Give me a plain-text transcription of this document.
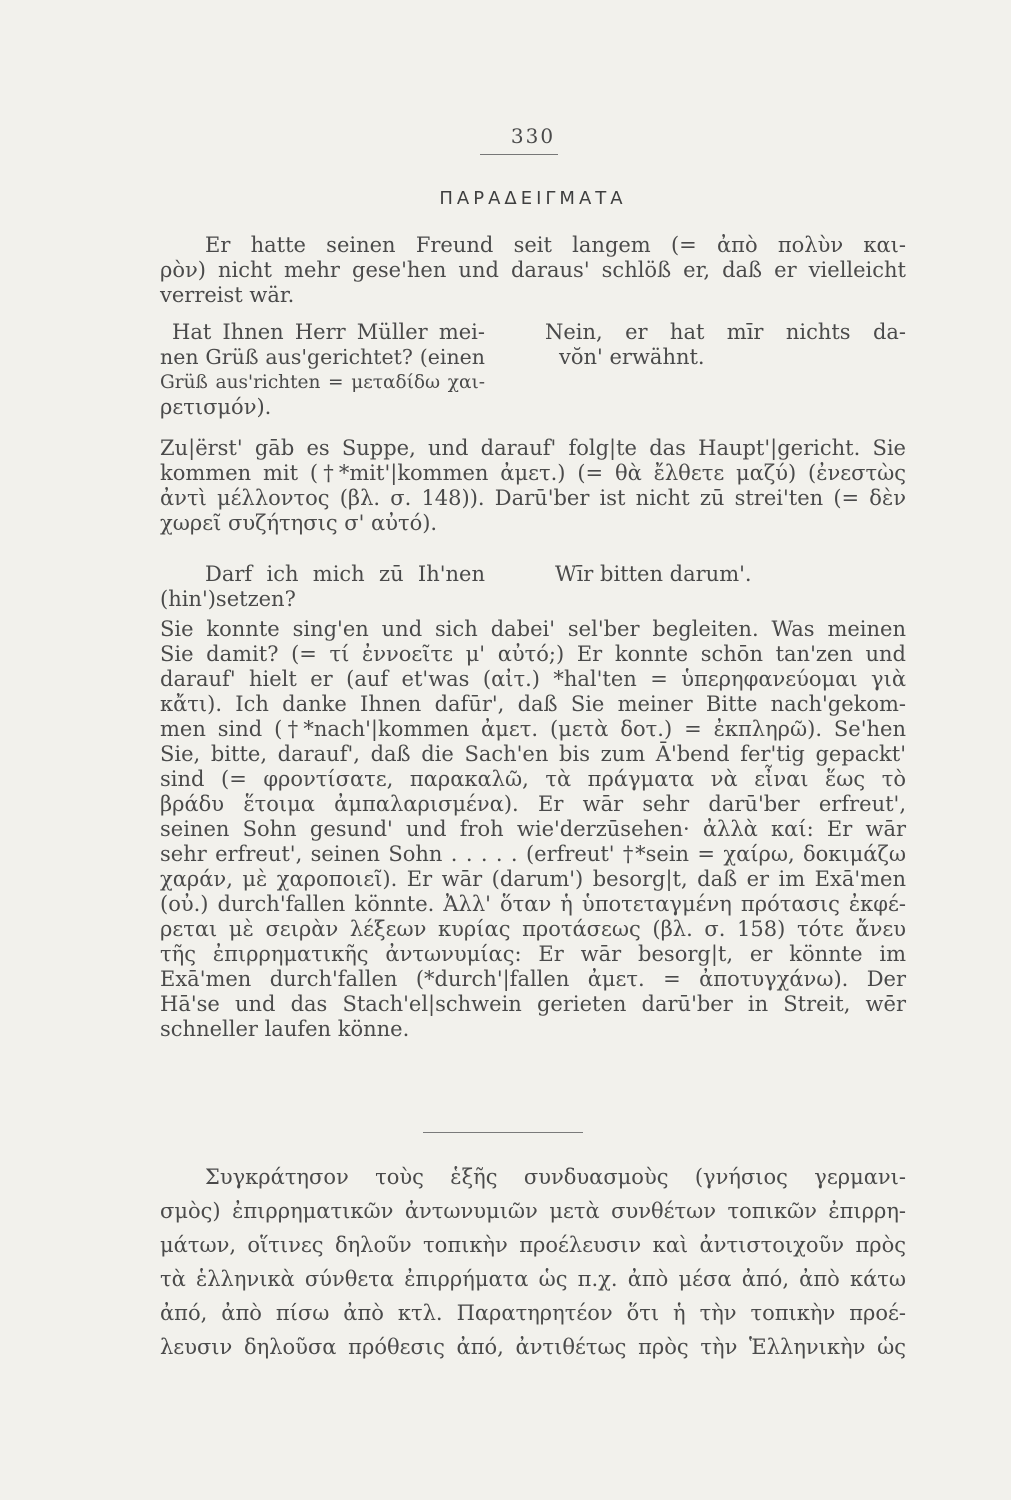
330
ΠΑΡΑΔΕΙΓΜΑΤΑ
Er hatte seinen Freund seit langem (= ἀπὸ πολὺν και-
ρὸν) nicht mehr gese'hen und daraus' schlöß er, daß er vielleicht
verreist wär.
Hat Ihnen Herr Müller mei-
nen Grüß aus'gerichtet? (einen
Grüß aus'richten = μεταδίδω χαι-
ρετισμόν).
Nein, er hat mīr nichts da-
vŏn' erwähnt.
Zu|ërst' gāb es Suppe, und darauf' folg|te das Haupt'|gericht. Sie
kommen mit (†*mit'|kommen ἀμετ.) (= θὰ ἔλθετε μαζύ) (ἐνεστὼς
ἀντὶ μέλλοντος (βλ. σ. 148)). Darū'ber ist nicht zū strei'ten (= δὲν
χωρεῖ συζήτησις σ' αὐτό).
Darf ich mich zū Ih'nen
(hin')setzen?
Wīr bitten darum'.
Sie konnte sing'en und sich dabei' sel'ber begleiten. Was meinen
Sie damit? (= τί ἐννοεῖτε μ' αὐτό;) Er konnte schōn tan'zen und
darauf' hielt er (auf et'was (αἰτ.) *hal'ten = ὑπερηφανεύομαι γιὰ
κἄτι). Ich danke Ihnen dafūr', daß Sie meiner Bitte nach'gekom-
men sind (†*nach'|kommen ἀμετ. (μετὰ δοτ.) = ἐκπληρῶ). Se'hen
Sie, bitte, darauf', daß die Sach'en bis zum Ā'bend fer'tig gepackt'
sind (= φροντίσατε, παρακαλῶ, τὰ πράγματα νὰ εἶναι ἕως τὸ
βράδυ ἕτοιμα ἀμπαλαρισμένα). Er wār sehr darū'ber erfreut',
seinen Sohn gesund' und froh wie'derzūsehen· ἀλλὰ καί: Er wār
sehr erfreut', seinen Sohn . . . . . (erfreut' †*sein = χαίρω, δοκιμάζω
χαράν, μὲ χαροποιεῖ). Er wār (darum') besorg|t, daß er im Exā'men
(οὐ.) durch'fallen könnte. Ἀλλ' ὅταν ἡ ὑποτεταγμένη πρότασις ἐκφέ-
ρεται μὲ σειρὰν λέξεων κυρίας προτάσεως (βλ. σ. 158) τότε ἄνευ
τῆς ἐπιρρηματικῆς ἀντωνυμίας: Er wār besorg|t, er könnte im
Exā'men durch'fallen (*durch'|fallen ἀμετ. = ἀποτυγχάνω). Der
Hā'se und das Stach'el|schwein gerieten darū'ber in Streit, wēr
schneller laufen könne.
Συγκράτησον τοὺς ἑξῆς συνδυασμοὺς (γνήσιος γερμανι-
σμὸς) ἐπιρρηματικῶν ἀντωνυμιῶν μετὰ συνθέτων τοπικῶν ἐπιρρη-
μάτων, οἵτινες δηλοῦν τοπικὴν προέλευσιν καὶ ἀντιστοιχοῦν πρὸς
τὰ ἑλληνικὰ σύνθετα ἐπιρρήματα ὡς π.χ. ἀπὸ μέσα ἀπό, ἀπὸ κάτω
ἀπό, ἀπὸ πίσω ἀπὸ κτλ. Παρατηρητέον ὅτι ἡ τὴν τοπικὴν προέ-
λευσιν δηλοῦσα πρόθεσις ἀπό, ἀντιθέτως πρὸς τὴν Ἑλληνικὴν ὡς
